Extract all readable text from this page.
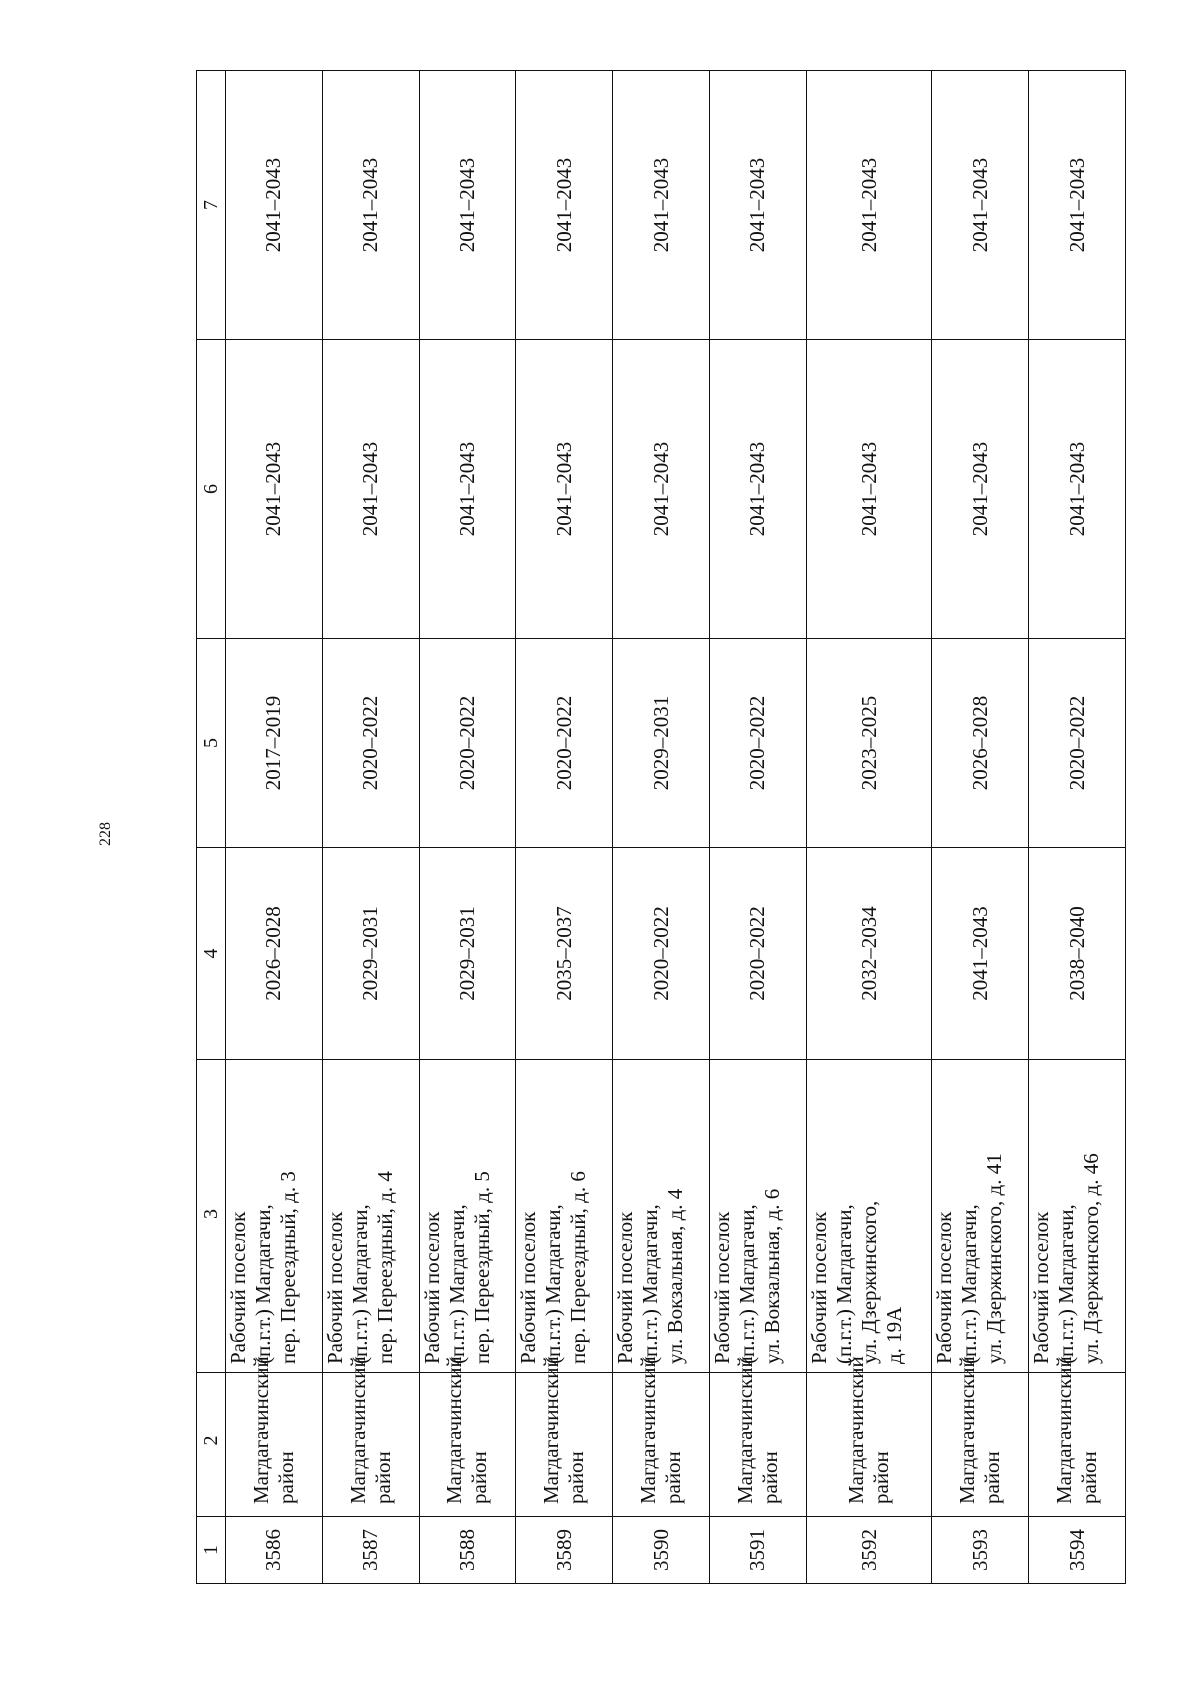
228
1	2	3	4	5	6	7
3586	Магдагачинский район	Рабочий поселок (п.г.т.) Магдагачи, пер. Переездный, д. 3	2026–2028	2017–2019	2041–2043	2041–2043
3587	Магдагачинский район	Рабочий поселок (п.г.т.) Магдагачи, пер. Переездный, д. 4	2029–2031	2020–2022	2041–2043	2041–2043
3588	Магдагачинский район	Рабочий поселок (п.г.т.) Магдагачи, пер. Переездный, д. 5	2029–2031	2020–2022	2041–2043	2041–2043
3589	Магдагачинский район	Рабочий поселок (п.г.т.) Магдагачи, пер. Переездный, д. 6	2035–2037	2020–2022	2041–2043	2041–2043
3590	Магдагачинский район	Рабочий поселок (п.г.т.) Магдагачи, ул. Вокзальная, д. 4	2020–2022	2029–2031	2041–2043	2041–2043
3591	Магдагачинский район	Рабочий поселок (п.г.т.) Магдагачи, ул. Вокзальная, д. 6	2020–2022	2020–2022	2041–2043	2041–2043
3592	Магдагачинский район	Рабочий поселок (п.г.т.) Магдагачи, ул. Дзержинского, д. 19А	2032–2034	2023–2025	2041–2043	2041–2043
3593	Магдагачинский район	Рабочий поселок (п.г.т.) Магдагачи, ул. Дзержинского, д. 41	2041–2043	2026–2028	2041–2043	2041–2043
3594	Магдагачинский район	Рабочий поселок (п.г.т.) Магдагачи, ул. Дзержинского, д. 46	2038–2040	2020–2022	2041–2043	2041–2043
